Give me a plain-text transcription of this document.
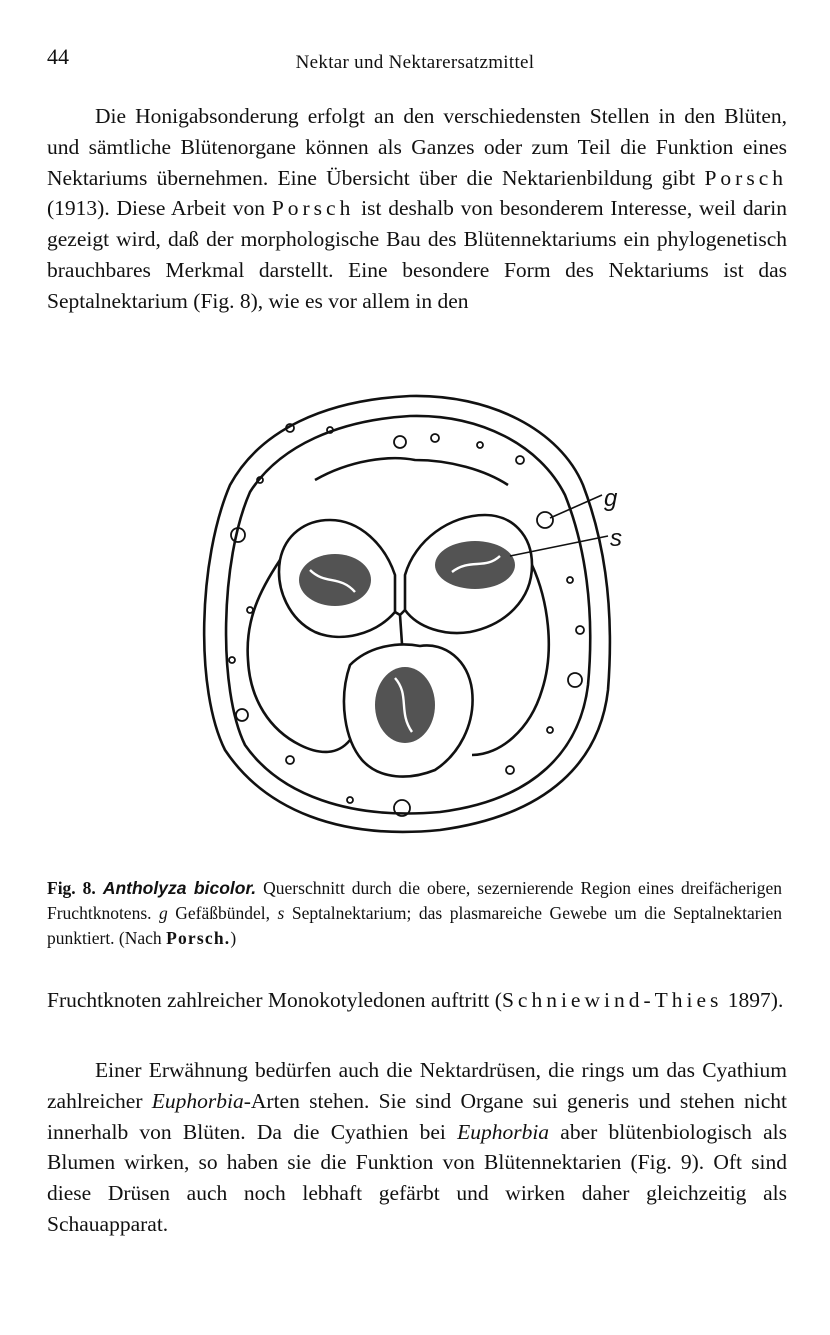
44	Nektar und Nektarersatzmittel

Die Honigabsonderung erfolgt an den verschiedensten Stellen in den Blüten, und sämtliche Blütenorgane können als Ganzes oder zum Teil die Funktion eines Nektariums übernehmen. Eine Übersicht über die Nektarienbildung gibt Porsch (1913). Diese Arbeit von Porsch ist deshalb von besonderem Interesse, weil darin gezeigt wird, daß der morphologische Bau des Blütennektariums ein phylogenetisch brauchbares Merkmal darstellt. Eine besondere Form des Nektariums ist das Septalnektarium (Fig. 8), wie es vor allem in den

g
s

Fig. 8. Antholyza bicolor. Querschnitt durch die obere, sezernierende Region eines dreifächerigen Fruchtknotens. g Gefäßbündel, s Septalnektarium; das plasmareiche Gewebe um die Septalnektarien punktiert. (Nach Porsch.)

Fruchtknoten zahlreicher Monokotyledonen auftritt (Schniewind-Thies 1897).

Einer Erwähnung bedürfen auch die Nektardrüsen, die rings um das Cyathium zahlreicher Euphorbia-Arten stehen. Sie sind Organe sui generis und stehen nicht innerhalb von Blüten. Da die Cyathien bei Euphorbia aber blütenbiologisch als Blumen wirken, so haben sie die Funktion von Blütennektarien (Fig. 9). Oft sind diese Drüsen auch noch lebhaft gefärbt und wirken daher gleichzeitig als Schauapparat.
